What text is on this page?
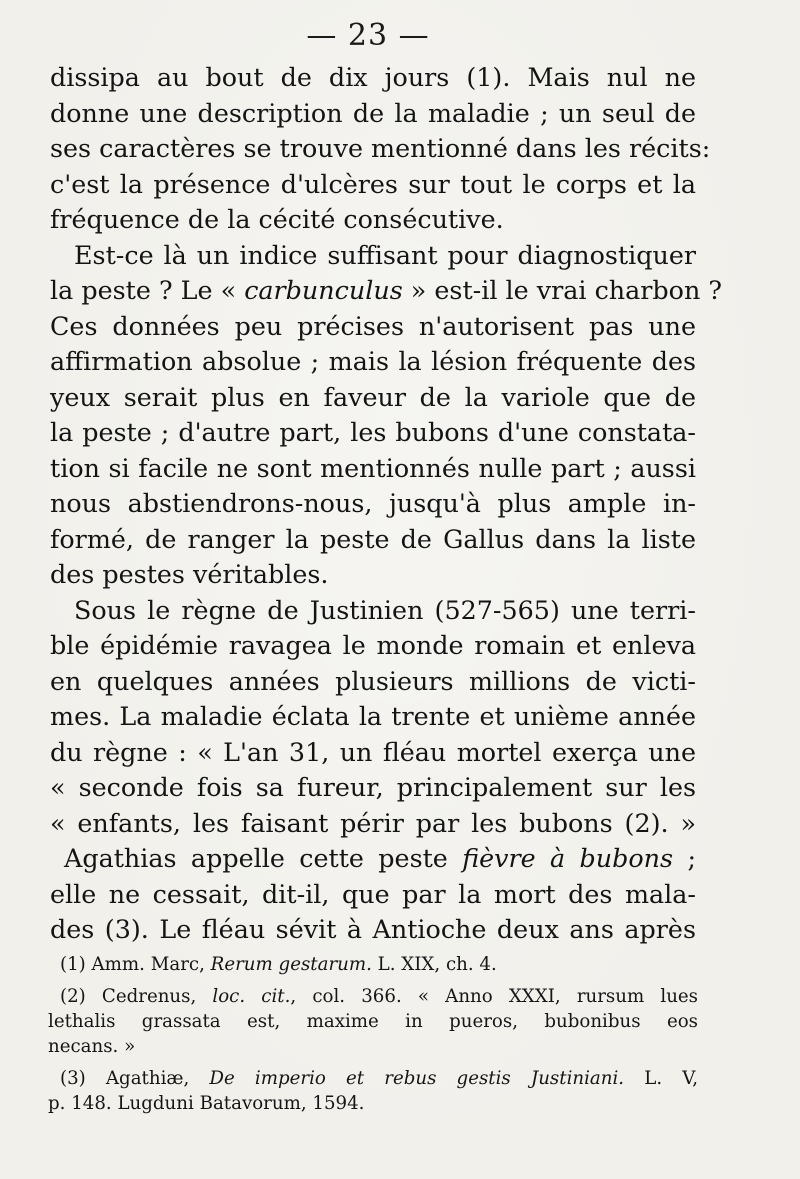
— 23 —
dissipa au bout de dix jours (1). Mais nul ne
donne une description de la maladie ; un seul de
ses caractères se trouve mentionné dans les récits:
c'est la présence d'ulcères sur tout le corps et la
fréquence de la cécité consécutive.
Est-ce là un indice suffisant pour diagnostiquer
la peste ? Le « carbunculus » est-il le vrai charbon ?
Ces données peu précises n'autorisent pas une
affirmation absolue ; mais la lésion fréquente des
yeux serait plus en faveur de la variole que de
la peste ; d'autre part, les bubons d'une constata-
tion si facile ne sont mentionnés nulle part ; aussi
nous abstiendrons-nous, jusqu'à plus ample in-
formé, de ranger la peste de Gallus dans la liste
des pestes véritables.
Sous le règne de Justinien (527-565) une terri-
ble épidémie ravagea le monde romain et enleva
en quelques années plusieurs millions de victi-
mes. La maladie éclata la trente et unième année
du règne : « L'an 31, un fléau mortel exerça une
« seconde fois sa fureur, principalement sur les
« enfants, les faisant périr par les bubons (2). »
Agathias appelle cette peste fièvre à bubons ;
elle ne cessait, dit-il, que par la mort des mala-
des (3). Le fléau sévit à Antioche deux ans après
(1) Amm. Marc, Rerum gestarum. L. XIX, ch. 4.
(2) Cedrenus, loc. cit., col. 366. « Anno XXXI, rursum lues
lethalis grassata est, maxime in pueros, bubonibus eos
necans. »
(3) Agathiæ, De imperio et rebus gestis Justiniani. L. V,
p. 148. Lugduni Batavorum, 1594.
